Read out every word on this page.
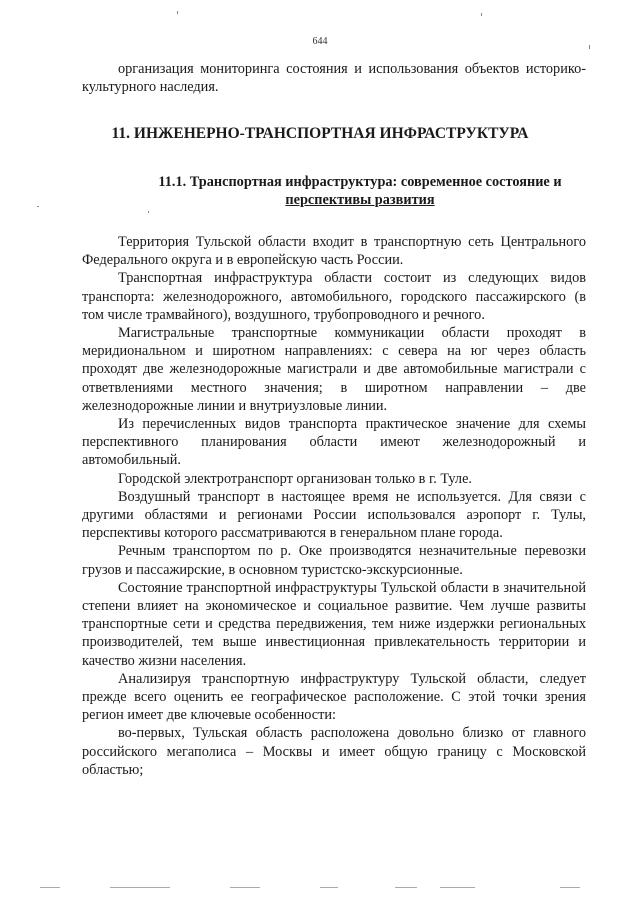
644

организация мониторинга состояния и использования объектов историко-культурного наследия.

11. ИНЖЕНЕРНО-ТРАНСПОРТНАЯ ИНФРАСТРУКТУРА
11.1. Транспортная инфраструктура: современное состояние и
перспективы развития

Территория Тульской области входит в транспортную сеть Центрального Федерального округа и в европейскую часть России.

Транспортная инфраструктура области состоит из следующих видов транспорта: железнодорожного, автомобильного, городского пассажирского (в том числе трамвайного), воздушного, трубопроводного и речного.

Магистральные транспортные коммуникации области проходят в меридиональном и широтном направлениях: с севера на юг через область проходят две железнодорожные магистрали и две автомобильные магистрали с ответвлениями местного значения; в широтном направлении – две железнодорожные линии и внутриузловые линии.

Из перечисленных видов транспорта практическое значение для схемы перспективного планирования области имеют железнодорожный и автомобильный.

Городской электротранспорт организован только в г. Туле.

Воздушный транспорт в настоящее время не используется. Для связи с другими областями и регионами России использовался аэропорт г. Тулы, перспективы которого рассматриваются в генеральном плане города.

Речным транспортом по р. Оке производятся незначительные перевозки грузов и пассажирские, в основном туристско-экскурсионные.

Состояние транспортной инфраструктуры Тульской области в значительной степени влияет на экономическое и социальное развитие. Чем лучше развиты транспортные сети и средства передвижения, тем ниже издержки региональных производителей, тем выше инвестиционная привлекательность территории и качество жизни населения.

Анализируя транспортную инфраструктуру Тульской области, следует прежде всего оценить ее географическое расположение. С этой точки зрения регион имеет две ключевые особенности:

во-первых, Тульская область расположена довольно близко от главного российского мегаполиса – Москвы и имеет общую границу с Московской областью;
